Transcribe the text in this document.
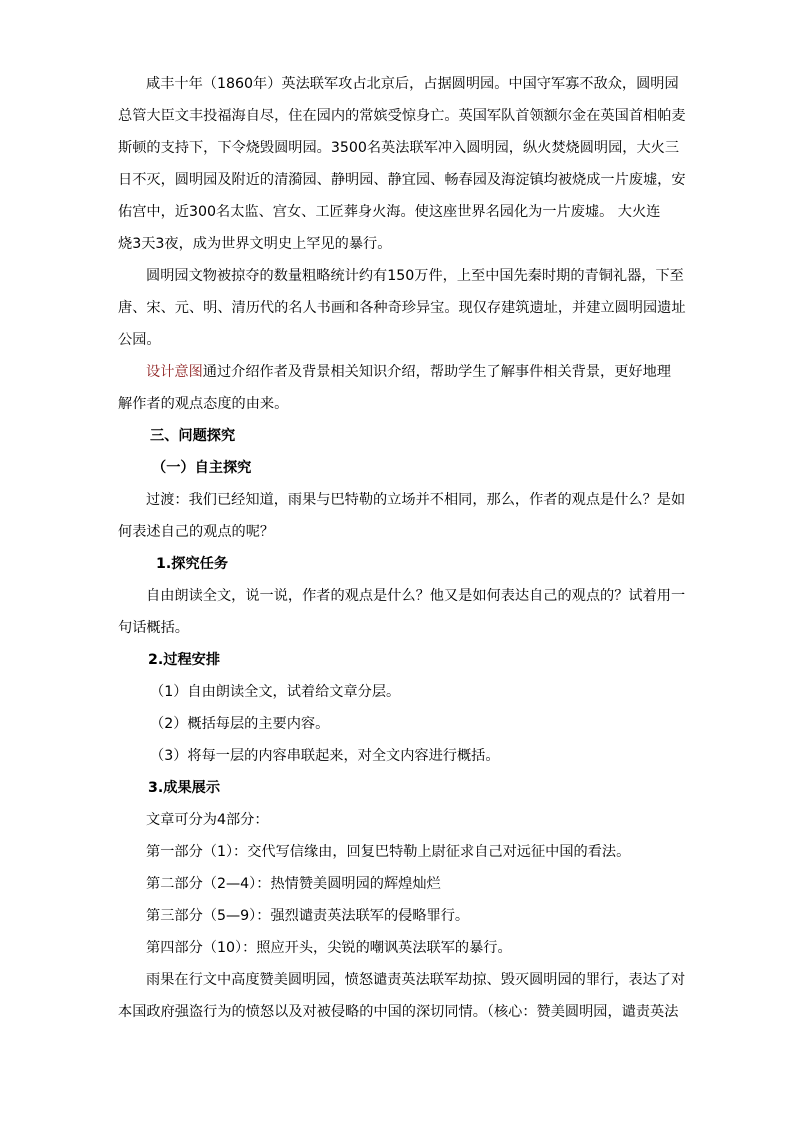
咸丰十年（1860年）英法联军攻占北京后，占据圆明园。中国守军寡不敌众，圆明园
总管大臣文丰投福海自尽，住在园内的常嫔受惊身亡。英国军队首领额尔金在英国首相帕麦
斯顿的支持下，下令烧毁圆明园。3500名英法联军冲入圆明园，纵火焚烧圆明园，大火三
日不灭，圆明园及附近的清漪园、静明园、静宜园、畅春园及海淀镇均被烧成一片废墟，安
佑宫中，近300名太监、宫女、工匠葬身火海。使这座世界名园化为一片废墟。 大火连
烧3天3夜，成为世界文明史上罕见的暴行。
圆明园文物被掠夺的数量粗略统计约有150万件，上至中国先秦时期的青铜礼器，下至
唐、宋、元、明、清历代的名人书画和各种奇珍异宝。现仅存建筑遗址，并建立圆明园遗址
公园。
设计意图通过介绍作者及背景相关知识介绍，帮助学生了解事件相关背景，更好地理
解作者的观点态度的由来。
三、问题探究
（一）自主探究
过渡：我们已经知道，雨果与巴特勒的立场并不相同，那么，作者的观点是什么？是如
何表述自己的观点的呢？
1.探究任务
自由朗读全文，说一说，作者的观点是什么？他又是如何表达自己的观点的？试着用一
句话概括。
2.过程安排
（1）自由朗读全文，试着给文章分层。
（2）概括每层的主要内容。
（3）将每一层的内容串联起来，对全文内容进行概括。
3.成果展示
文章可分为4部分：
第一部分（1）：交代写信缘由，回复巴特勒上尉征求自己对远征中国的看法。
第二部分（2—4）：热情赞美圆明园的辉煌灿烂
第三部分（5—9）：强烈谴责英法联军的侵略罪行。
第四部分（10）：照应开头，尖锐的嘲讽英法联军的暴行。
雨果在行文中高度赞美圆明园，愤怒谴责英法联军劫掠、毁灭圆明园的罪行，表达了对
本国政府强盗行为的愤怒以及对被侵略的中国的深切同情。（核心：赞美圆明园，谴责英法
